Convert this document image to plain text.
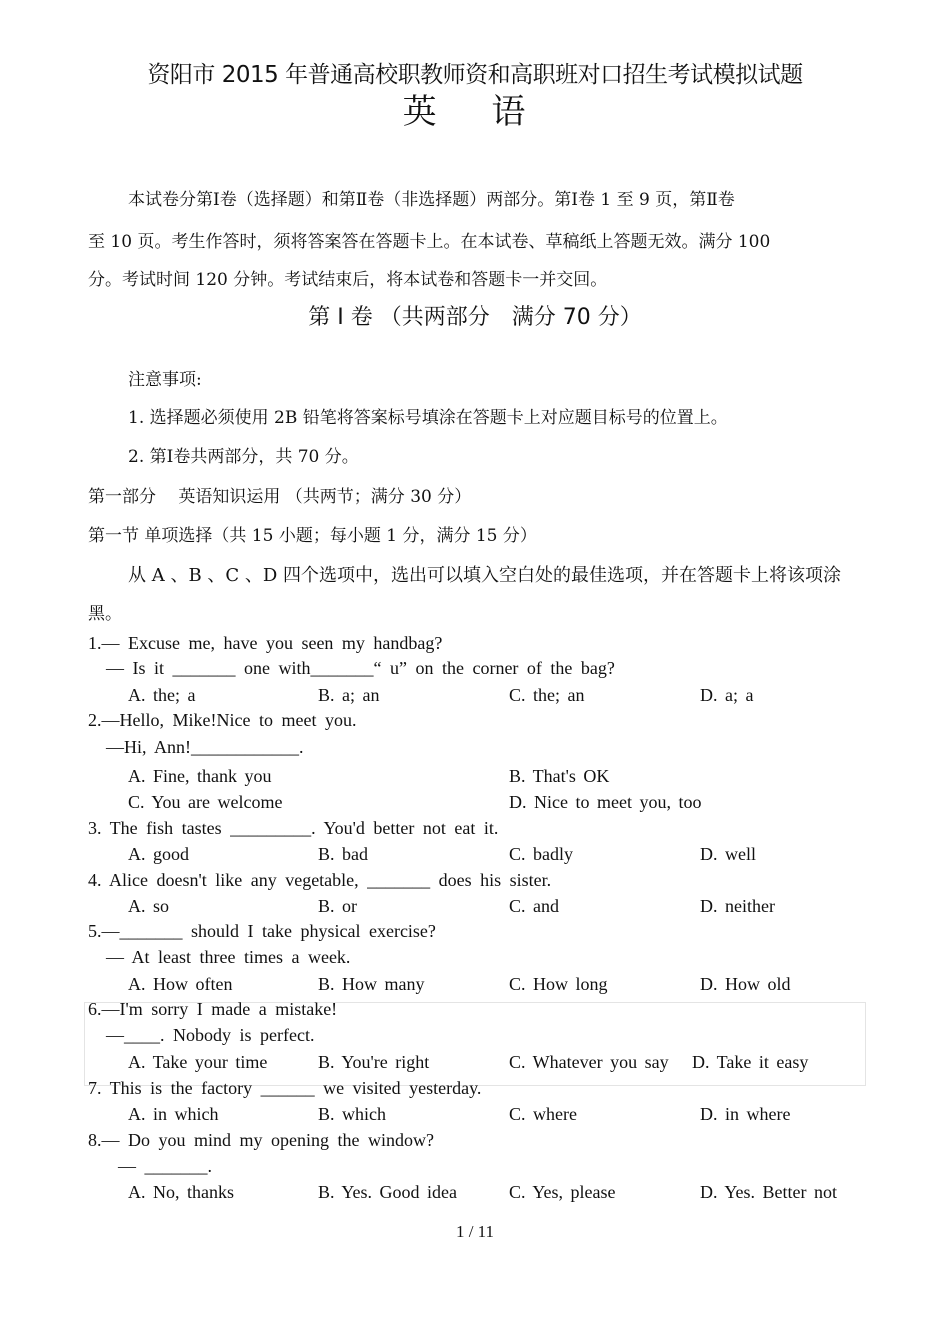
资阳市 2015 年普通高校职教师资和高职班对口招生考试模拟试题
英 语
本试卷分第Ⅰ卷（选择题）和第Ⅱ卷（非选择题）两部分。第Ⅰ卷 1 至 9 页，第Ⅱ卷
至 10 页。考生作答时，须将答案答在答题卡上。在本试卷、草稿纸上答题无效。满分 100
分。考试时间 120 分钟。考试结束后，将本试卷和答题卡一并交回。
第 Ⅰ 卷 （共两部分　满分 70 分）
注意事项:
1. 选择题必须使用 2B 铅笔将答案标号填涂在答题卡上对应题目标号的位置上。
2. 第Ⅰ卷共两部分，共 70 分。
第一部分　 英语知识运用 （共两节；满分 30 分）
第一节 单项选择（共 15 小题；每小题 1 分，满分 15 分）
从 A 、B 、C 、D 四个选项中，选出可以填入空白处的最佳选项，并在答题卡上将该项涂
黑。
1.— Excuse me, have you seen my handbag?
— Is it _______ one with_______“ u” on the corner of the bag?
A. the; a	B. a; an	C. the; an	D. a; a
2.—Hello, Mike!Nice to meet you.
—Hi, Ann!____________.
A. Fine, thank you	B. That's OK
C. You are welcome	D. Nice to meet you, too
3. The fish tastes _________. You'd better not eat it.
A. good	B. bad	C. badly	D. well
4. Alice doesn't like any vegetable, _______ does his sister.
A. so	B. or	C. and	D. neither
5.—_______ should I take physical exercise?
— At least three times a week.
A. How often	B. How many	C. How long	D. How old
6.—I'm sorry I made a mistake!
—____. Nobody is perfect.
A. Take your time	B. You're right	C. Whatever you say D. Take it easy
7. This is the factory ______ we visited yesterday.
A. in which	B. which	C. where	D. in where
8.— Do you mind my opening the window?
— _______.
A. No, thanks	B. Yes. Good idea	C. Yes, please	D. Yes. Better not
1 / 11
